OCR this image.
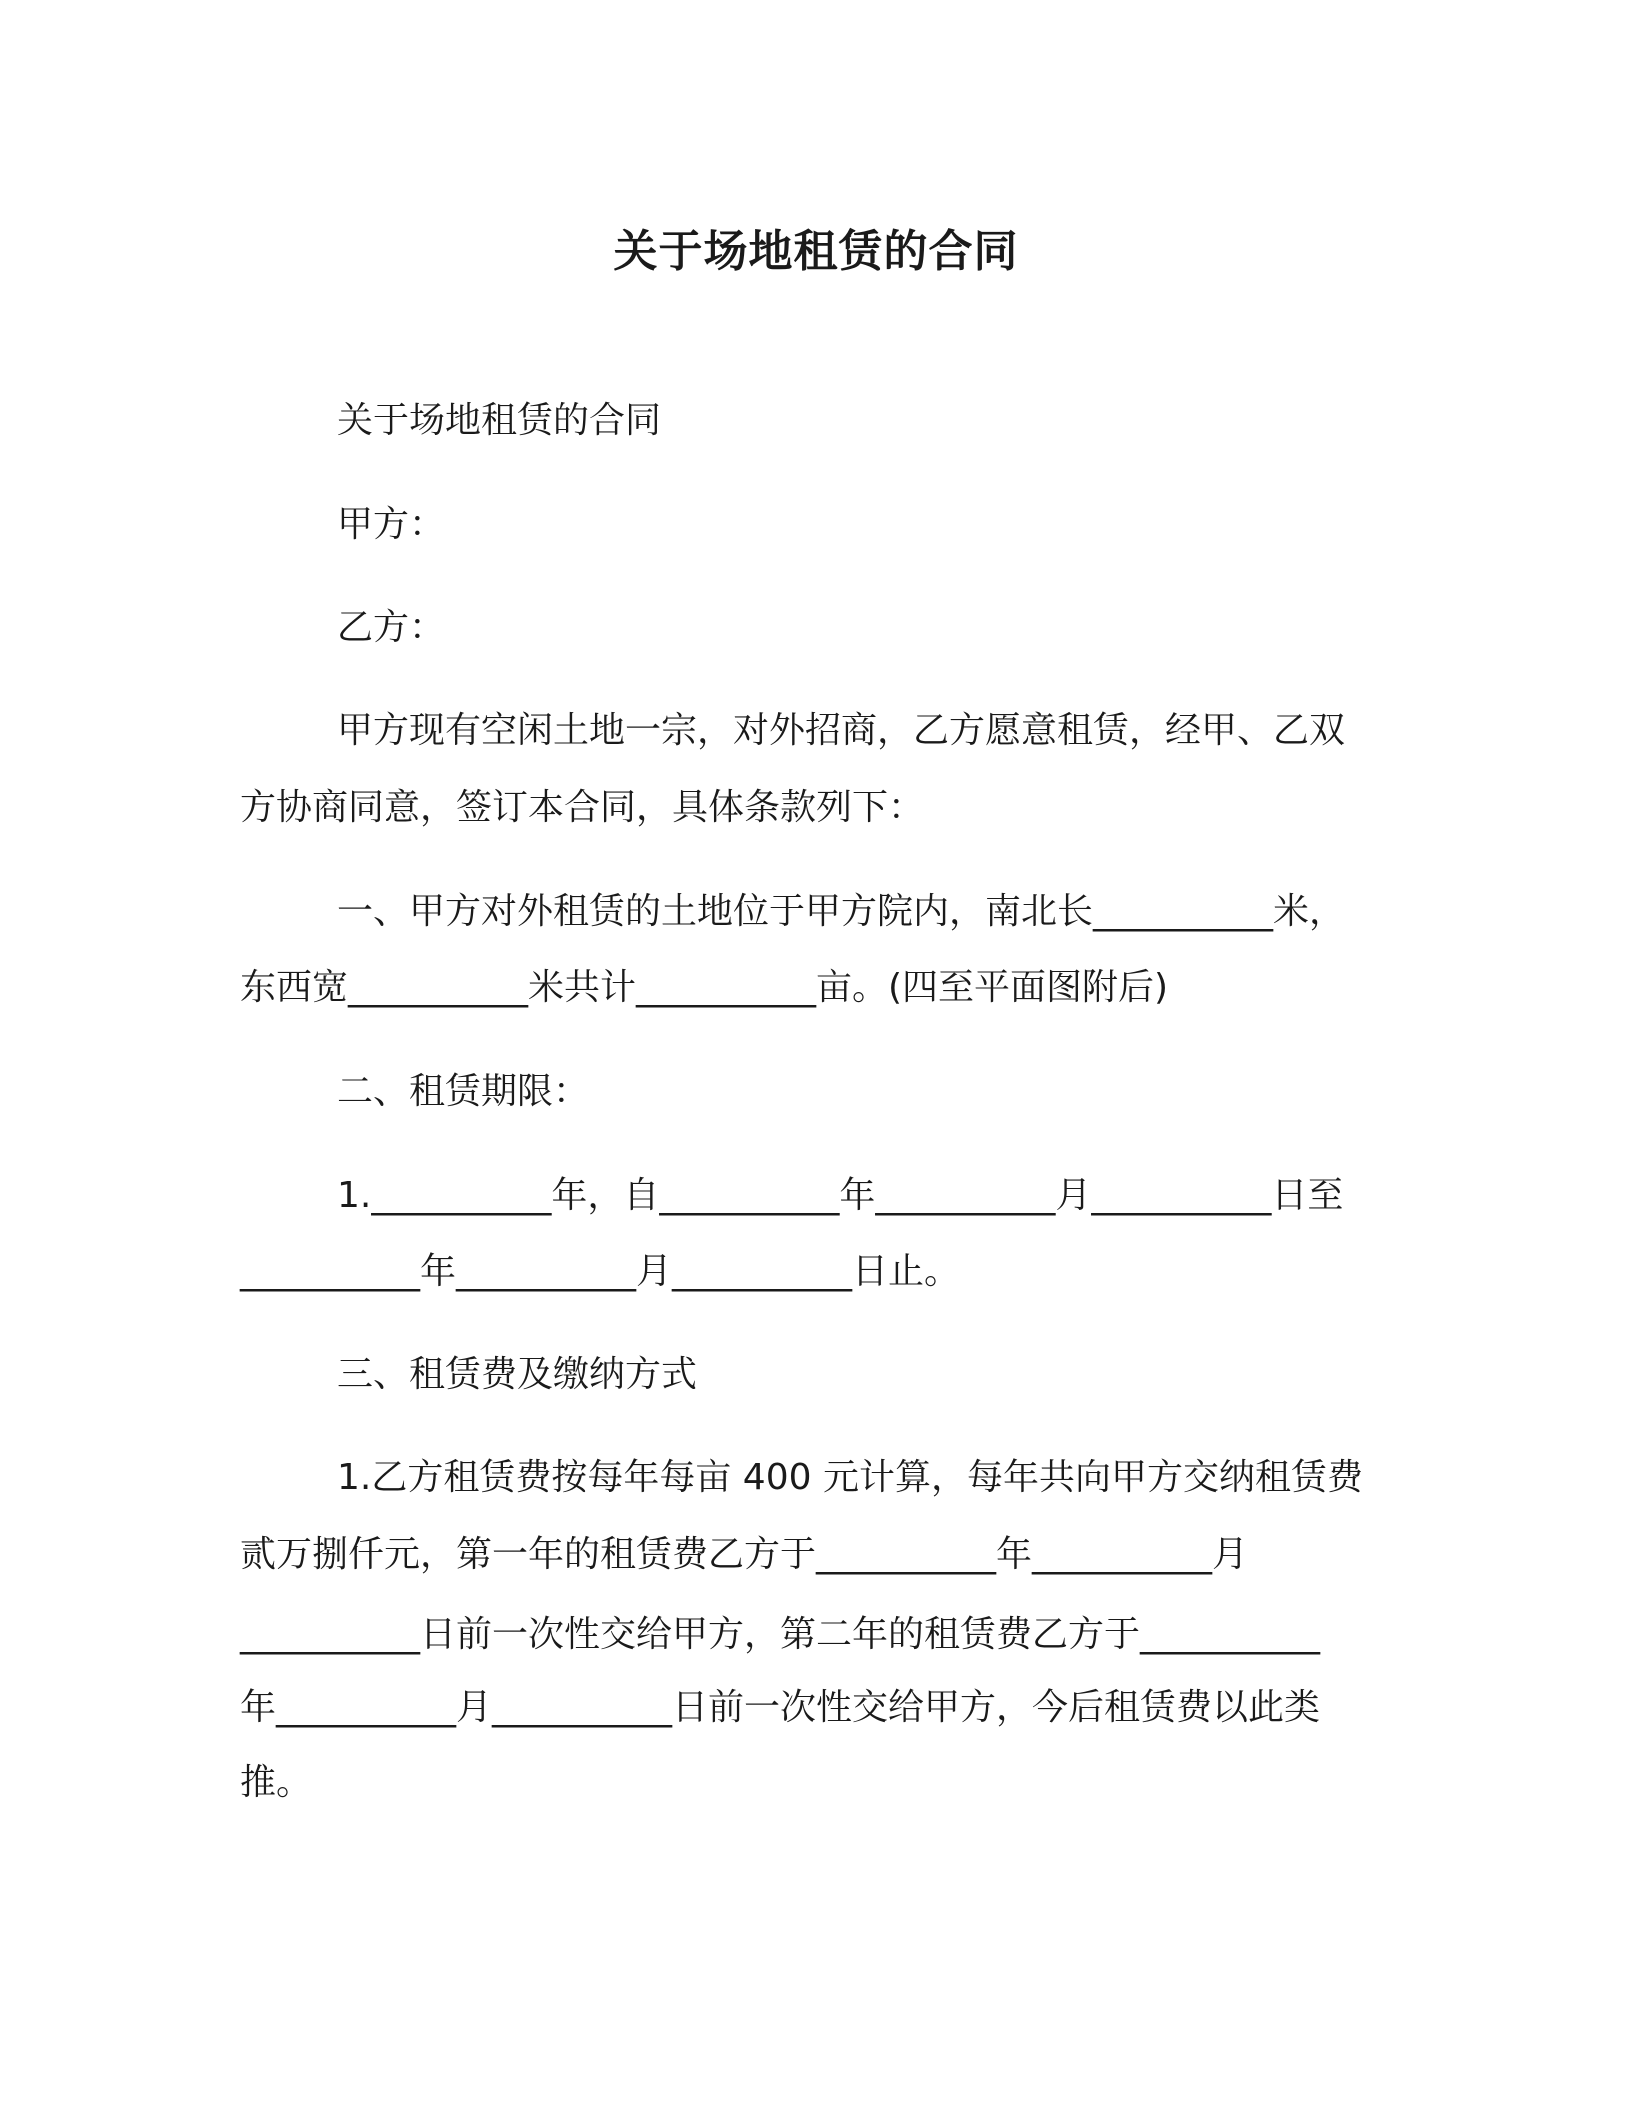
关于场地租赁的合同
关于场地租赁的合同
甲方：
乙方：
甲方现有空闲土地一宗，对外招商，乙方愿意租赁，经甲、乙双
方协商同意，签订本合同，具体条款列下：
一、甲方对外租赁的土地位于甲方院内，南北长__________米，
东西宽__________米共计__________亩。(四至平面图附后)
二、租赁期限：
1.__________年，自__________年__________月__________日至
__________年__________月__________日止。
三、租赁费及缴纳方式
1.乙方租赁费按每年每亩 400 元计算，每年共向甲方交纳租赁费
贰万捌仟元，第一年的租赁费乙方于__________年__________月
__________日前一次性交给甲方，第二年的租赁费乙方于__________
年__________月__________日前一次性交给甲方，今后租赁费以此类
推。
